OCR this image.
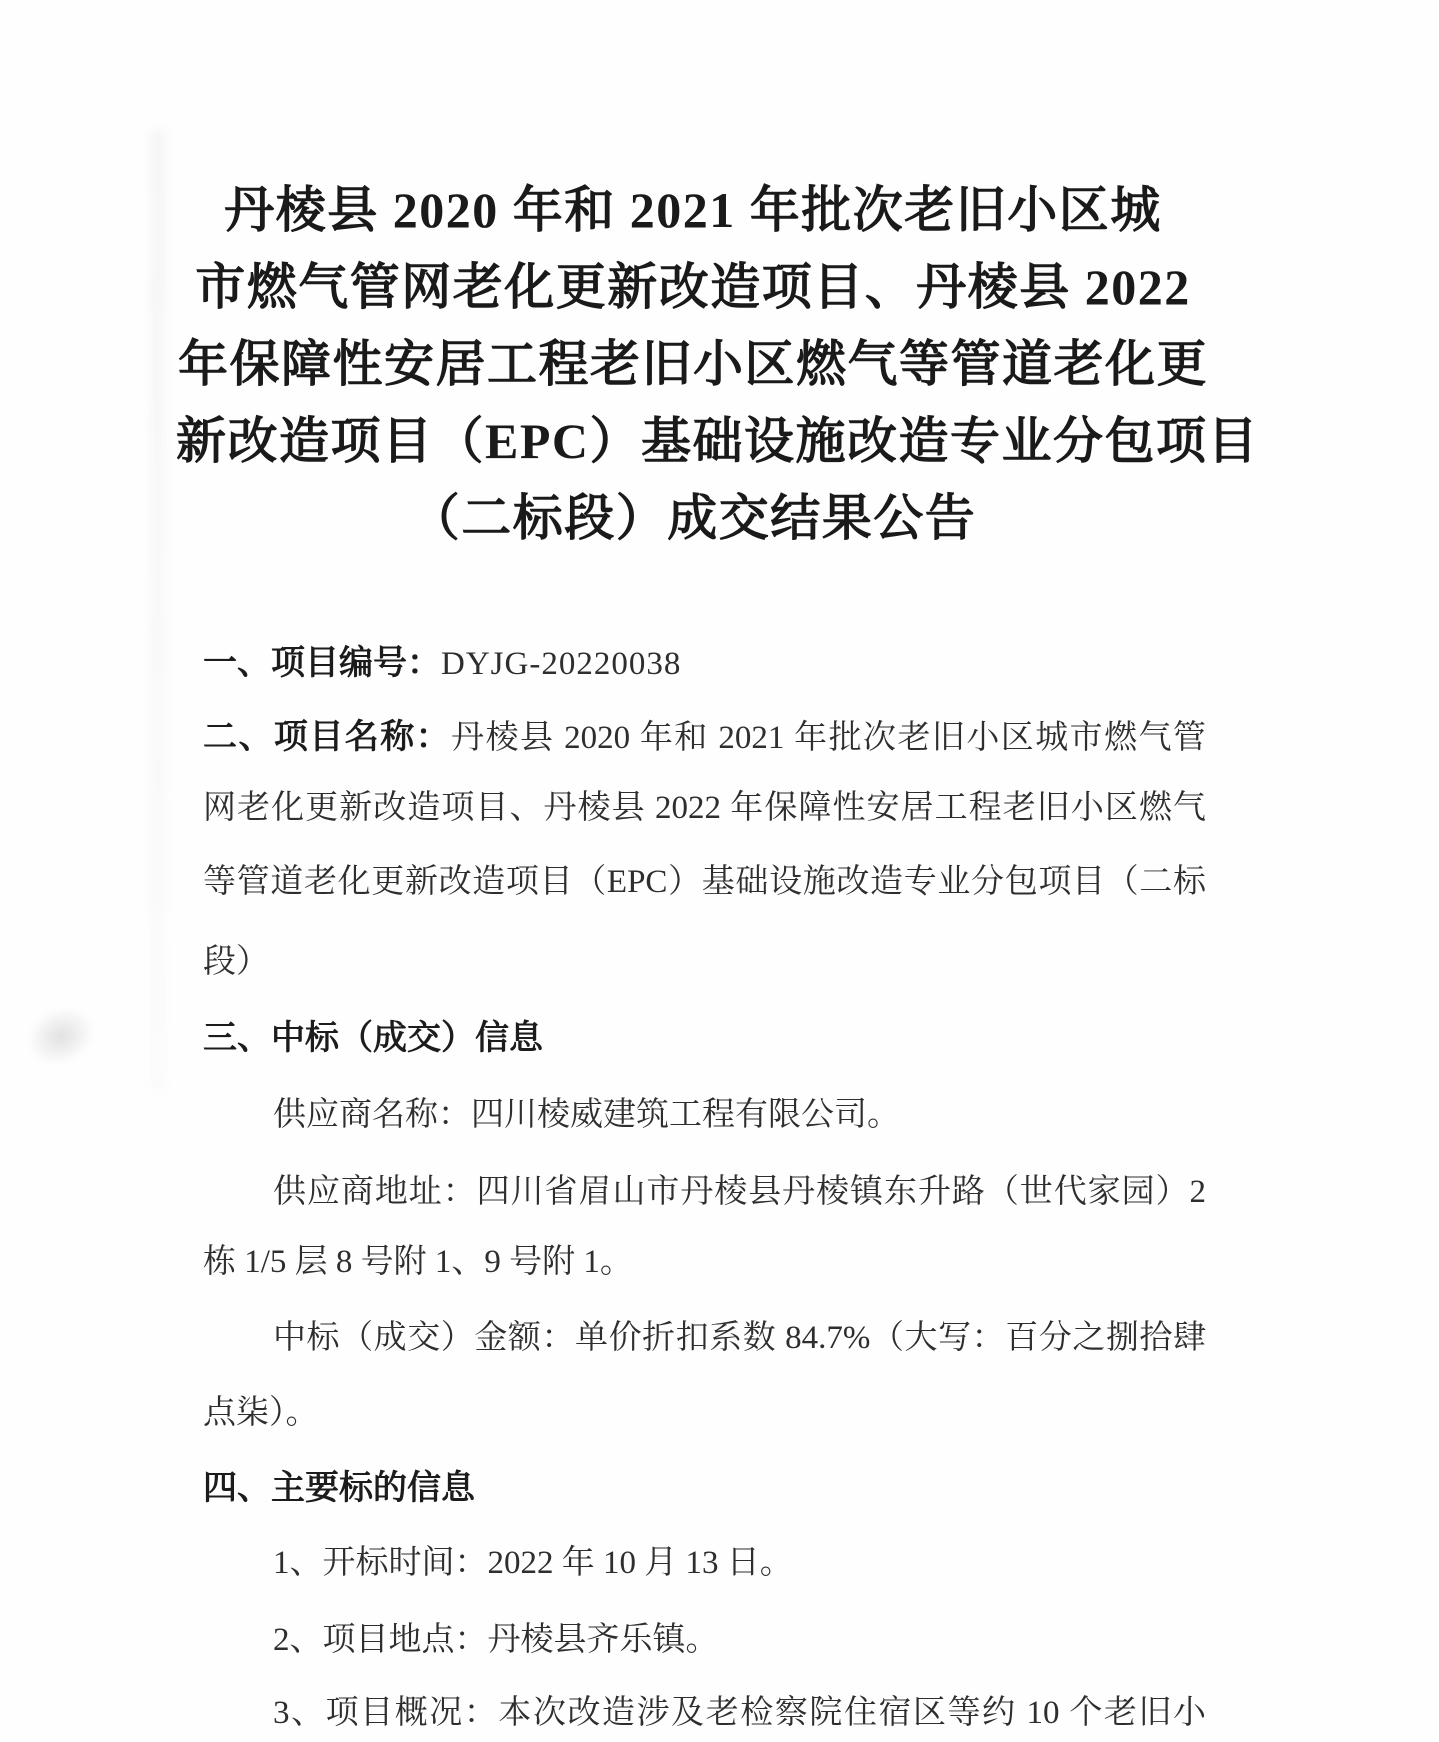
丹棱县 2020 年和 2021 年批次老旧小区城
市燃气管网老化更新改造项目、丹棱县 2022
年保障性安居工程老旧小区燃气等管道老化更
新改造项目（EPC）基础设施改造专业分包项目
（二标段）成交结果公告
一、项目编号：DYJG-20220038
二、项目名称：丹棱县 2020 年和 2021 年批次老旧小区城市燃气管
网老化更新改造项目、丹棱县 2022 年保障性安居工程老旧小区燃气
等管道老化更新改造项目（EPC）基础设施改造专业分包项目（二标
段）
三、中标（成交）信息
供应商名称：四川棱威建筑工程有限公司。
供应商地址：四川省眉山市丹棱县丹棱镇东升路（世代家园）2
栋 1/5 层 8 号附 1、9 号附 1。
中标（成交）金额：单价折扣系数 84.7%（大写：百分之捌拾肆
点柒）。
四、主要标的信息
1、开标时间：2022 年 10 月 13 日。
2、项目地点：丹棱县齐乐镇。
3、项目概况：本次改造涉及老检察院住宿区等约 10 个老旧小
